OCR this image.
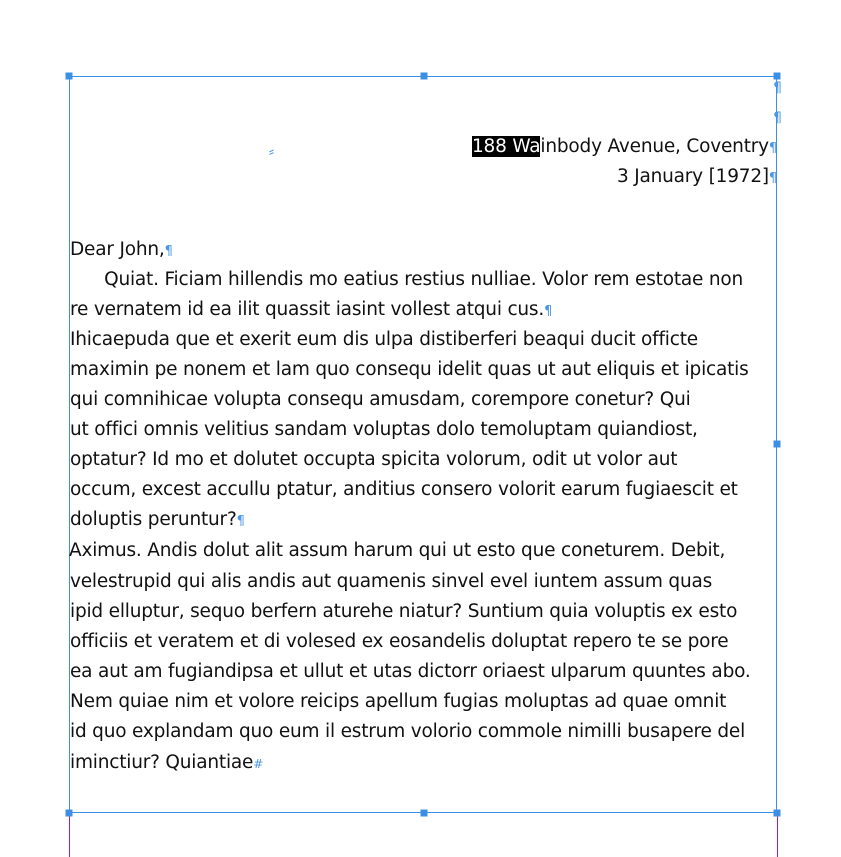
¶
¶
⸗	188 Wainbody Avenue, Coventry¶
3 January [1972]¶
Dear John,¶
Quiat. Ficiam hillendis mo eatius restius nulliae. Volor rem estotae non
re vernatem id ea ilit quassit iasint vollest atqui cus.¶
Ihicaepuda que et exerit eum dis ulpa distiberferi beaqui ducit officte
maximin pe nonem et lam quo consequ idelit quas ut aut eliquis et ipicatis
qui comnihicae volupta consequ amusdam, corempore conetur? Qui
ut offici omnis velitius sandam voluptas dolo temoluptam quiandiost,
optatur? Id mo et dolutet occupta spicita volorum, odit ut volor aut
occum, excest accullu ptatur, anditius consero volorit earum fugiaescit et
doluptis peruntur?¶
Aximus. Andis dolut alit assum harum qui ut esto que coneturem. Debit,
velestrupid qui alis andis aut quamenis sinvel evel iuntem assum quas
ipid elluptur, sequo berfern aturehe niatur? Suntium quia voluptis ex esto
officiis et veratem et di volesed ex eosandelis doluptat repero te se pore
ea aut am fugiandipsa et ullut et utas dictorr oriaest ulparum quuntes abo.
Nem quiae nim et volore reicips apellum fugias moluptas ad quae omnit
id quo explandam quo eum il estrum volorio commole nimilli busapere del
iminctiur? Quiantiae#
